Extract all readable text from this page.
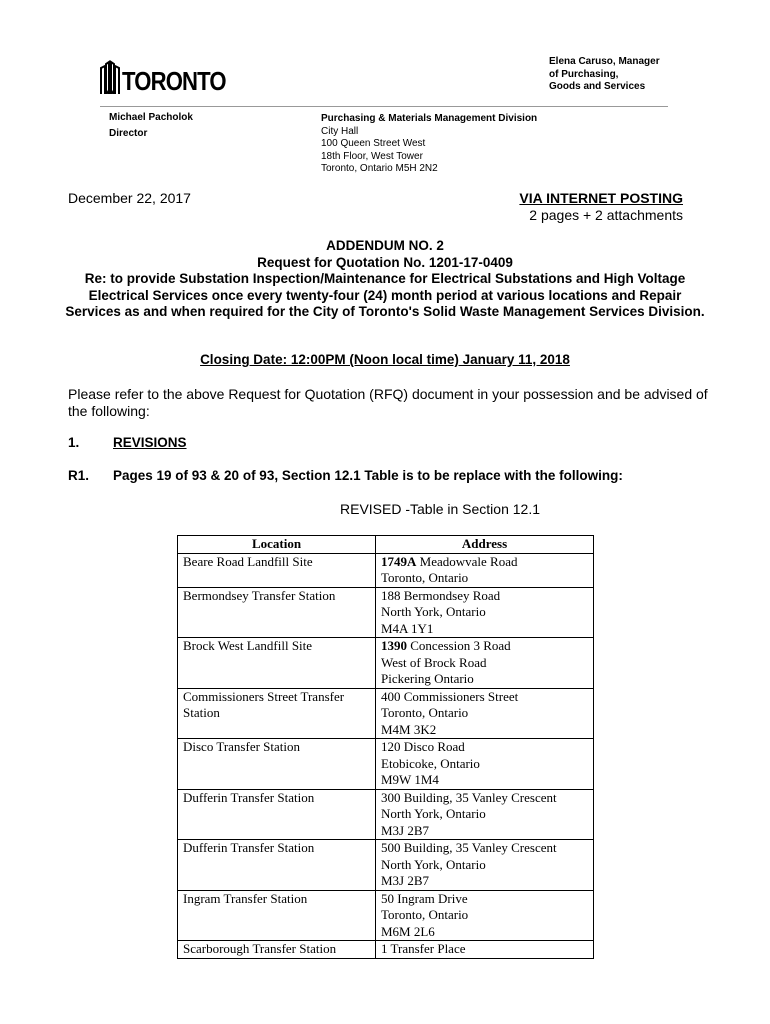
TORONTO
Elena Caruso, Manager
of Purchasing,
Goods and Services
Michael Pacholok
Director
Purchasing & Materials Management Division
City Hall
100 Queen Street West
18th Floor, West Tower
Toronto, Ontario M5H 2N2
December 22, 2017	VIA INTERNET POSTING
2 pages + 2 attachments
ADDENDUM NO. 2
Request for Quotation No. 1201-17-0409
Re: to provide Substation Inspection/Maintenance for Electrical Substations and High Voltage Electrical Services once every twenty-four (24) month period at various locations and Repair Services as and when required for the City of Toronto's Solid Waste Management Services Division.
Closing Date: 12:00PM (Noon local time) January 11, 2018
Please refer to the above Request for Quotation (RFQ) document in your possession and be advised of the following:
1. REVISIONS
R1. Pages 19 of 93 & 20 of 93, Section 12.1 Table is to be replace with the following:
REVISED -Table in Section 12.1
Location	Address
Beare Road Landfill Site	1749A Meadowvale Road
Toronto, Ontario

Bermondsey Transfer Station	188 Bermondsey Road
North York, Ontario
M4A 1Y1

Brock West Landfill Site	1390 Concession 3 Road
West of Brock Road
Pickering Ontario

Commissioners Street Transfer Station	400 Commissioners Street
Toronto, Ontario
M4M 3K2

Disco Transfer Station	120 Disco Road
Etobicoke, Ontario
M9W 1M4

Dufferin Transfer Station	300 Building, 35 Vanley Crescent
North York, Ontario
M3J 2B7

Dufferin Transfer Station	500 Building, 35 Vanley Crescent
North York, Ontario
M3J 2B7

Ingram Transfer Station	50 Ingram Drive
Toronto, Ontario
M6M 2L6

Scarborough Transfer Station	1 Transfer Place
